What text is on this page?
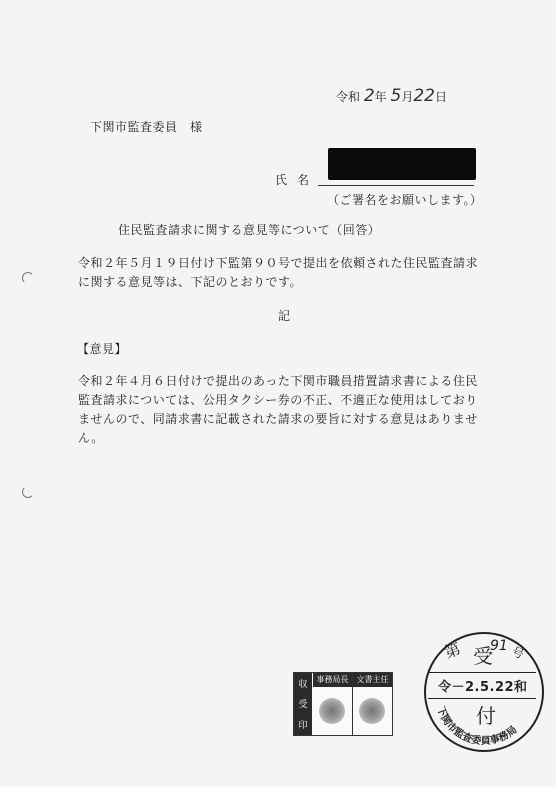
令和 2年 5月22日
下関市監査委員　様
氏名
（ご署名をお願いします。）
住民監査請求に関する意見等について（回答）
令和２年５月１９日付け下監第９０号で提出を依頼された住民監査請求に関する意見等は、下記のとおりです。
記
【意見】
令和２年４月６日付けで提出のあった下関市職員措置請求書による住民監査請求については、公用タクシー券の不正、不適正な使用はしておりませんので、同請求書に記載された請求の要旨に対する意見はありません。
収
受
印
事務局長	文書主任
第 受
91 号
令－2.5.22和
付
下関市監査委員事務局
